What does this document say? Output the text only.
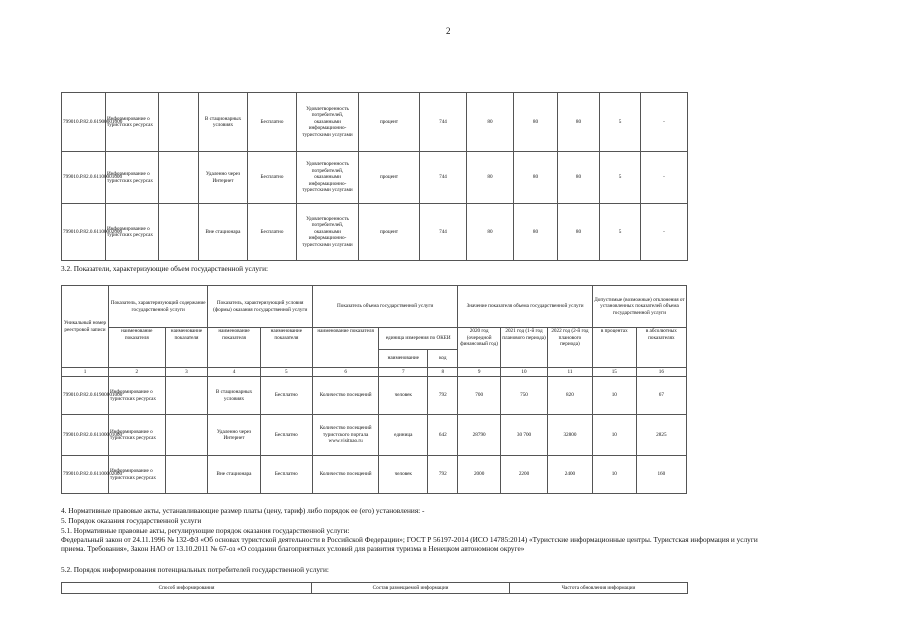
2
799010.Р.82.0.61900001000	Информирование о туристских ресурсах		В стационарных условиях	Бесплатно	Удовлетворенность потребителей, оказанными информационно-туристскими услугами	процент	744	80	80	80	5	-
799010.Р.82.0.61100001000	Информирование о туристских ресурсах		Удаленно через Интернет	Бесплатно	Удовлетворенность потребителей, оказанными информационно-туристскими услугами	процент	744	80	80	80	5	-
799010.Р.82.0.61100002000	Информирование о туристских ресурсах		Вне стационара	Бесплатно	Удовлетворенность потребителей, оказанными информационно-туристскими услугами	процент	744	80	80	80	5	-
3.2. Показатели, характеризующие объем государственной услуги:
Уникальный номер реестровой записи	Показатель, характеризующий содержание государственной услуги		Показатель, характеризующий условия (формы) оказания государственной услуги		Показатель объема государственной услуги			Значение показателя объема государственной услуги			Допустимые (возможные) отклонения от установленных показателей объема государственной услуги	
	наименование показателя	наименование показателя	наименование показателя	наименование показателя	наименование показателя	единица измерения по ОКЕИ		2020 год (очередной финансовый год)	2021 год (1-й год планового периода)	2022 год (2-й год планового периода)	в процентах	в абсолютных показателях
						наименование	код					
1	2	3	4	5	6	7	8	9	10	11	15	16
799010.Р.82.0.61900001000	Информирование о туристских ресурсах		В стационарных условиях	Бесплатно	Количество посещений	человек	792	700	750	820	10	67
799010.Р.82.0.61100001000	Информирование о туристских ресурсах		Удаленно через Интернет	Бесплатно	Количество посещений туристского портала www.visitnao.ru	единица	642	28790	30 700	32800	10	2825
799010.Р.82.0.61100002000	Информирование о туристских ресурсах		Вне стационара	Бесплатно	Количество посещений	человек	792	2000	2200	2400	10	160
4. Нормативные правовые акты, устанавливающие размер платы (цену, тариф) либо порядок ее (его) установления: -
5. Порядок оказания государственной услуги
5.1. Нормативные правовые акты, регулирующие порядок оказания государственной услуги:
Федеральный закон от 24.11.1996 № 132-ФЗ «Об основах туристской деятельности в Российской Федерации»; ГОСТ Р 56197-2014 (ИСО 14785:2014) «Туристские информационные центры. Туристская информация и услуги приема. Требования», Закон НАО от 13.10.2011 № 67-оз «О создании благоприятных условий для развития туризма в Ненецком автономном округе»
5.2. Порядок информирования потенциальных потребителей государственной услуги:
Способ информирования	Состав размещаемой информации	Частота обновления информации
